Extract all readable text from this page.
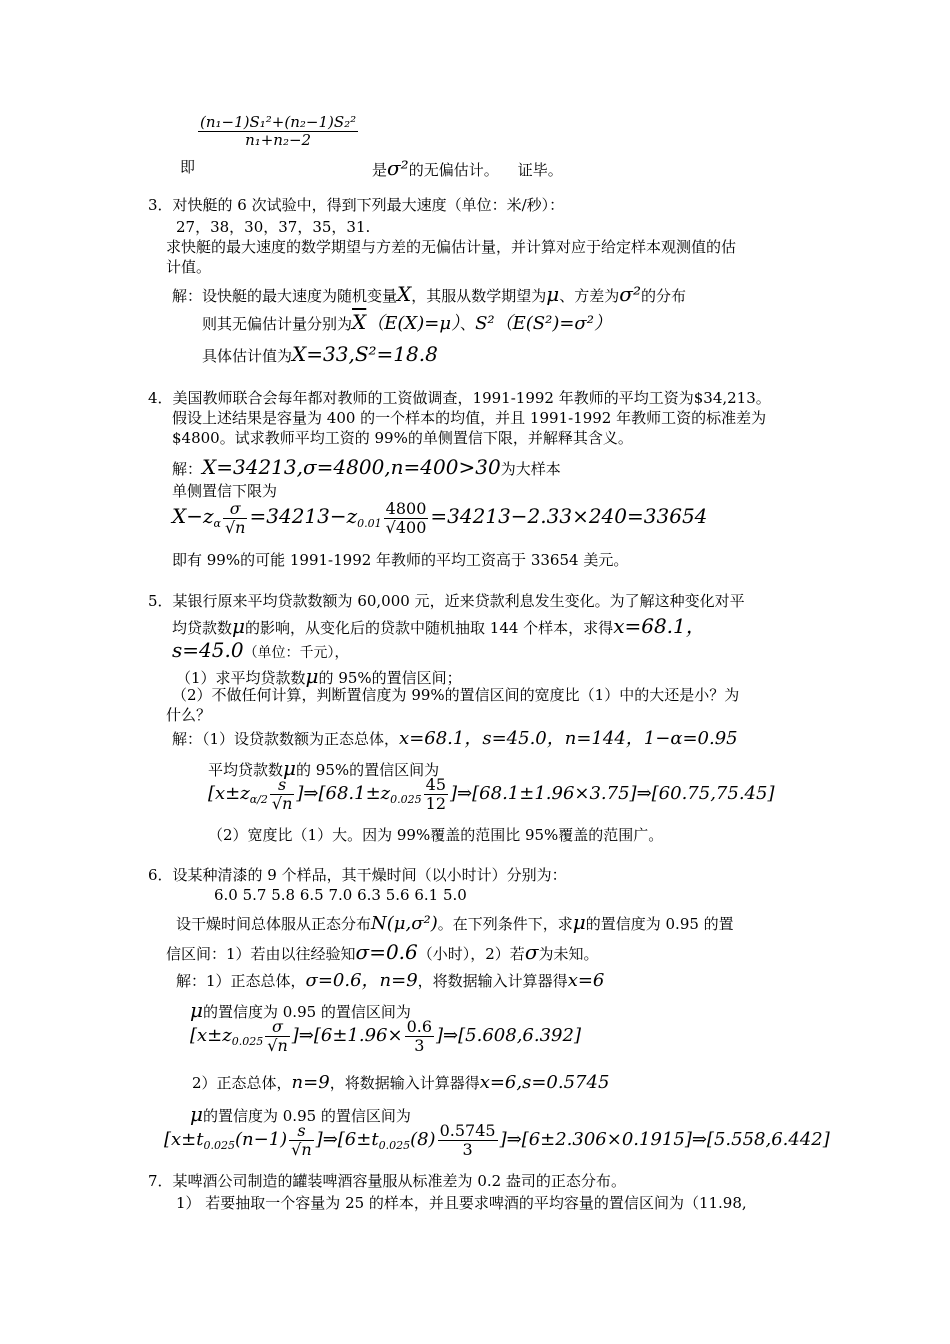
即
$\frac{\text{(n₁−1)S₁²+(n₂−1)S₂²}}{\text{n₁+n₂−2}}$
是σ²的无偏估计。 证毕。
3．对快艇的 6 次试验中，得到下列最大速度（单位：米/秒）：
27，38，30，37，35，31.
求快艇的最大速度的数学期望与方差的无偏估计量，并计算对应于给定样本观测值的估
计值。
解：设快艇的最大速度为随机变量X，其服从数学期望为μ、方差为σ²的分布
则其无偏估计量分别为$\overline{X}(E(X)=\mu)$、S²（E(S²)=σ²）
具体估计值为X=33,S²=18.8
4．美国教师联合会每年都对教师的工资做调查，1991-1992 年教师的平均工资为$34,213。
假设上述结果是容量为 400 的一个样本的均值，并且 1991-1992 年教师工资的标准差为
$4800。试求教师平均工资的 99%的单侧置信下限，并解释其含义。
解：X=34213,σ=4800,n=400>30为大样本
单侧置信下限为
$X-z_\alpha \frac{\sigma}{√n} =34213-z_{0.01} \frac{4800}{√400} =34213-2.33\times 240=33654$
即有 99%的可能 1991-1992 年教师的平均工资高于 33654 美元。
5．某银行原来平均贷款数额为 60,000 元，近来贷款利息发生变化。为了解这种变化对平
均贷款数μ的影响，从变化后的贷款中随机抽取 144 个样本，求得x=68.1，
s=45.0（单位：千元），
（1）求平均贷款数μ的 95%的置信区间；
（2）不做任何计算，判断置信度为 99%的置信区间的宽度比（1）中的大还是小？为
什么？
解：（1）设贷款数额为正态总体，x=68.1，s=45.0，n=144，1−α=0.95
平均贷款数μ的 95%的置信区间为
[$x\pm z_{\alpha/2} \frac{s}{√n}$ ]$\Rightarrow[68.1\pm z_{0.025} \frac{45}{12}$ ]⇒[68.1±1.96×3.75]⇒[60.75,75.45]
（2）宽度比（1）大。因为 99%覆盖的范围比 95%覆盖的范围广。
6．设某种清漆的 9 个样品，其干燥时间（以小时计）分别为：
6.0 5.7 5.8 6.5 7.0 6.3 5.6 6.1 5.0
设干燥时间总体服从正态分布N(μ,σ²)。在下列条件下，求μ的置信度为 0.95 的置
信区间：1）若由以往经验知σ=0.6（小时），2）若σ为未知。
解：1）正态总体，σ=0.6，n=9，将数据输入计算器得x=6
μ的置信度为 0.95 的置信区间为
[$x\pm z_{0.025} \frac{\sigma}{√n}$ ]⇒[6±1.96× $\frac{0.6}{3}$ ]⇒[5.608,6.392]
2）正态总体，n=9，将数据输入计算器得x=6,s=0.5745
μ的置信度为 0.95 的置信区间为
[$x\pm t_{0.025}(n-1) \frac{s}{√n}$ ]$\Rightarrow[6\pm t_{0.025}(8) \frac{0.5745}{3}$ ]⇒[6±2.306×0.1915]⇒[5.558,6.442]
7．某啤酒公司制造的罐装啤酒容量服从标准差为 0.2 盎司的正态分布。
1） 若要抽取一个容量为 25 的样本，并且要求啤酒的平均容量的置信区间为（11.98,
